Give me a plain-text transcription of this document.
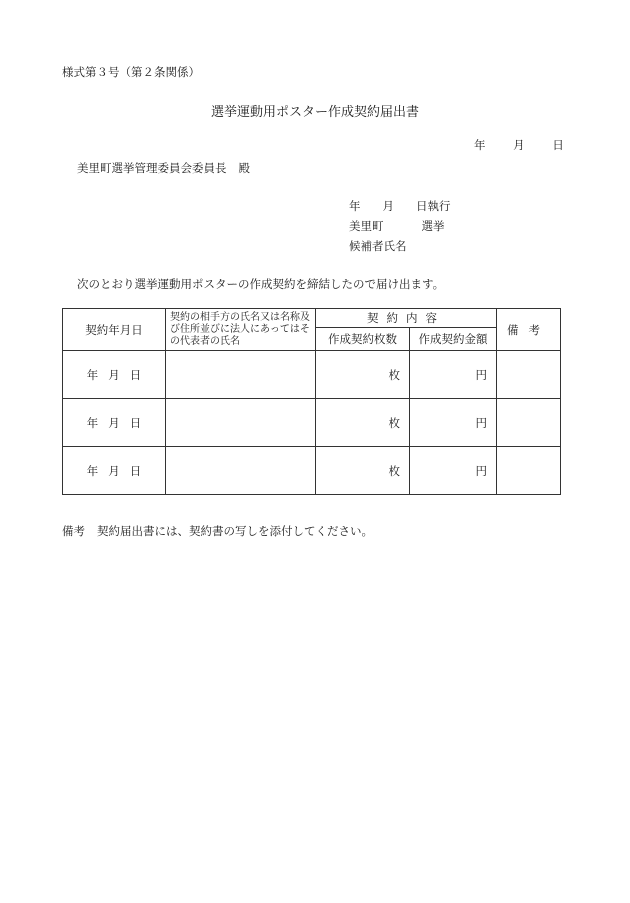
様式第３号（第２条関係）
選挙運動用ポスター作成契約届出書
年 月 日
美里町選挙管理委員会委員長 殿
年 月 日執行
美里町	選挙
候補者氏名
次のとおり選挙運動用ポスターの作成契約を締結したので届け出ます。
契約年月日	契約の相手方の氏名又は名称及び住所並びに法人にあってはその代表者の氏名	契約内容		備考
		作成契約枚数	作成契約金額	
年 月 日		枚	円	
年 月 日		枚	円	
年 月 日		枚	円	
備考 契約届出書には、契約書の写しを添付してください。
